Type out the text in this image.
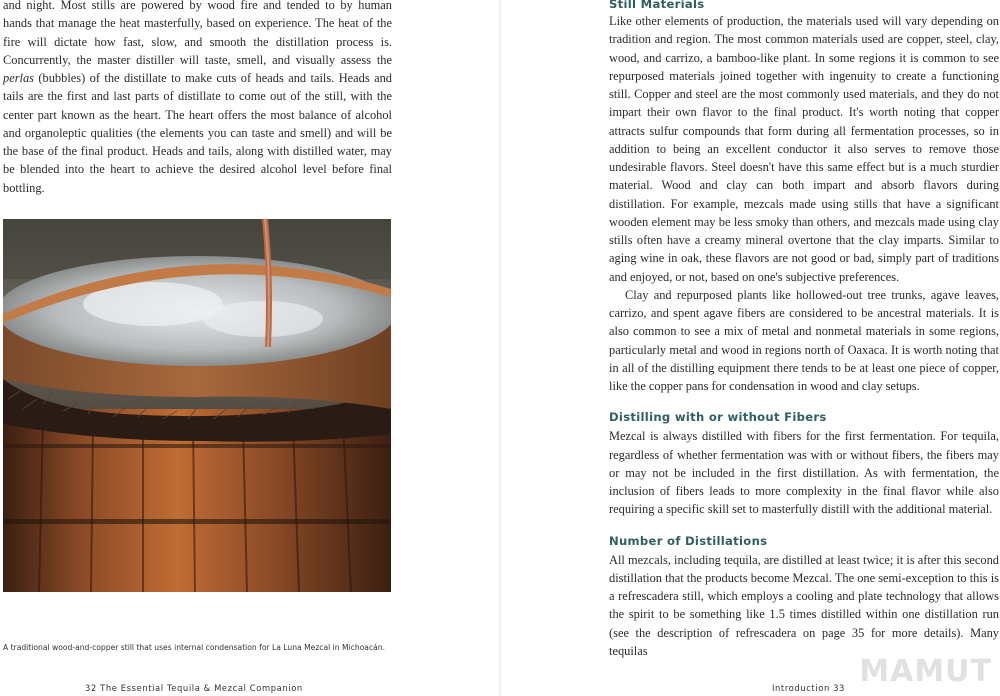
and night. Most stills are powered by wood fire and tended to by human hands that manage the heat masterfully, based on experience. The heat of the fire will dictate how fast, slow, and smooth the distillation process is. Concurrently, the master distiller will taste, smell, and visually assess the perlas (bubbles) of the distillate to make cuts of heads and tails. Heads and tails are the first and last parts of distillate to come out of the still, with the center part known as the heart. The heart offers the most balance of alcohol and organoleptic qualities (the elements you can taste and smell) and will be the base of the final product. Heads and tails, along with distilled water, may be blended into the heart to achieve the desired alcohol level before final bottling.

A traditional wood-and-copper still that uses internal condensation for La Luna Mezcal in Michoacán.

32 The Essential Tequila & Mezcal Companion

Still Materials

Like other elements of production, the materials used will vary depending on tradition and region. The most common materials used are copper, steel, clay, wood, and carrizo, a bamboo-like plant. In some regions it is common to see repurposed materials joined together with ingenuity to create a functioning still. Copper and steel are the most commonly used materials, and they do not impart their own flavor to the final product. It's worth noting that copper attracts sulfur compounds that form during all fermentation processes, so in addition to being an excellent conductor it also serves to remove those undesirable flavors. Steel doesn't have this same effect but is a much sturdier material. Wood and clay can both impart and absorb flavors during distillation. For example, mezcals made using stills that have a significant wooden element may be less smoky than others, and mezcals made using clay stills often have a creamy mineral overtone that the clay imparts. Similar to aging wine in oak, these flavors are not good or bad, simply part of traditions and enjoyed, or not, based on one's subjective preferences.

Clay and repurposed plants like hollowed-out tree trunks, agave leaves, carrizo, and spent agave fibers are considered to be ancestral materials. It is also common to see a mix of metal and nonmetal materials in some regions, particularly metal and wood in regions north of Oaxaca. It is worth noting that in all of the distilling equipment there tends to be at least one piece of copper, like the copper pans for condensation in wood and clay setups.

Distilling with or without Fibers

Mezcal is always distilled with fibers for the first fermentation. For tequila, regardless of whether fermentation was with or without fibers, the fibers may or may not be included in the first distillation. As with fermentation, the inclusion of fibers leads to more complexity in the final flavor while also requiring a specific skill set to masterfully distill with the additional material.

Number of Distillations

All mezcals, including tequila, are distilled at least twice; it is after this second distillation that the products become Mezcal. The one semi-exception to this is a refrescadera still, which employs a cooling and plate technology that allows the spirit to be something like 1.5 times distilled within one distillation run (see the description of refrescadera on page 35 for more details). Many tequilas

Introduction 33 MAMUT
